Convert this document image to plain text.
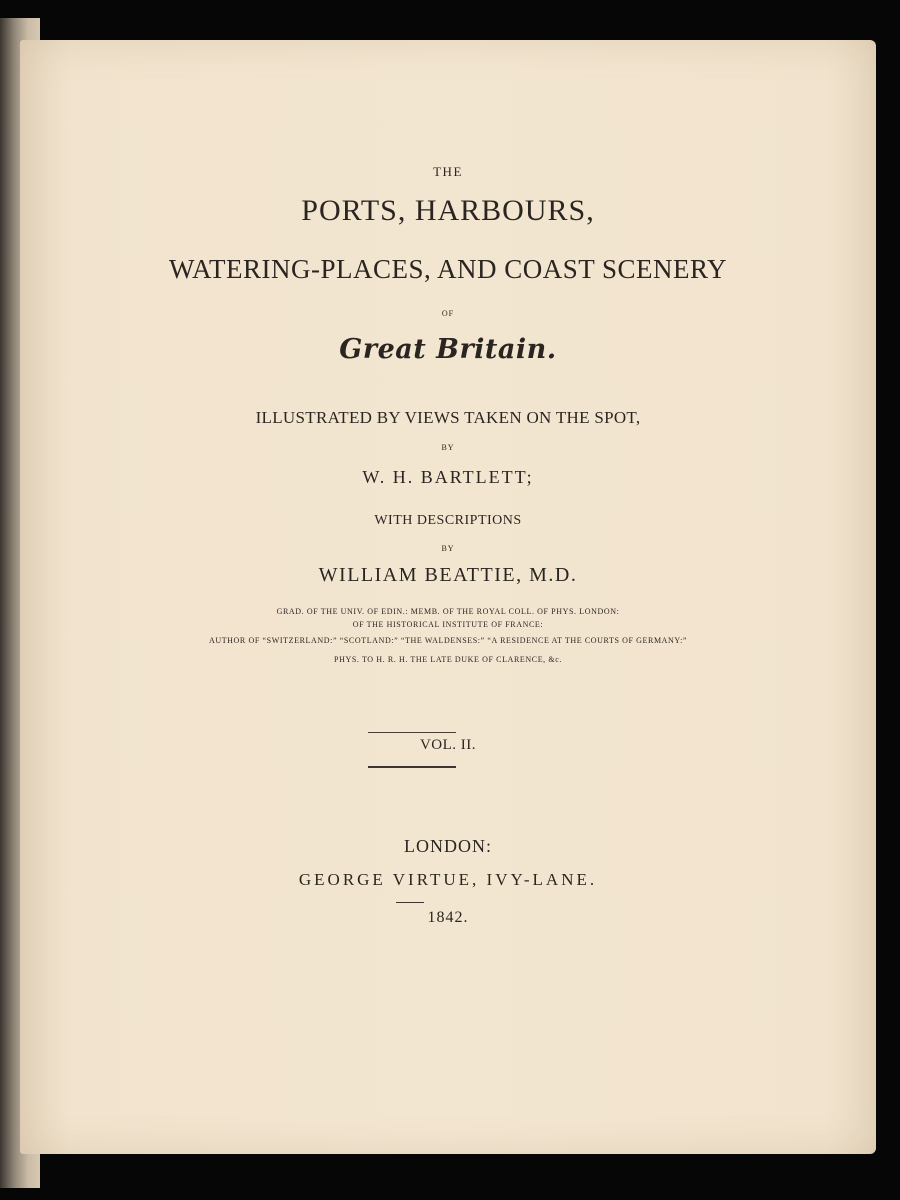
THE
PORTS, HARBOURS,
WATERING-PLACES, AND COAST SCENERY
OF
Great Britain.
ILLUSTRATED BY VIEWS TAKEN ON THE SPOT,
BY
W. H. BARTLETT;
WITH DESCRIPTIONS
BY
WILLIAM BEATTIE, M.D.
GRAD. OF THE UNIV. OF EDIN.: MEMB. OF THE ROYAL COLL. OF PHYS. LONDON:
OF THE HISTORICAL INSTITUTE OF FRANCE:
AUTHOR OF “SWITZERLAND:” “SCOTLAND:” “THE WALDENSES:” “A RESIDENCE AT THE COURTS OF GERMANY:”
PHYS. TO H. R. H. THE LATE DUKE OF CLARENCE, &c.
VOL. II.
LONDON:
GEORGE VIRTUE, IVY-LANE.
1842.
